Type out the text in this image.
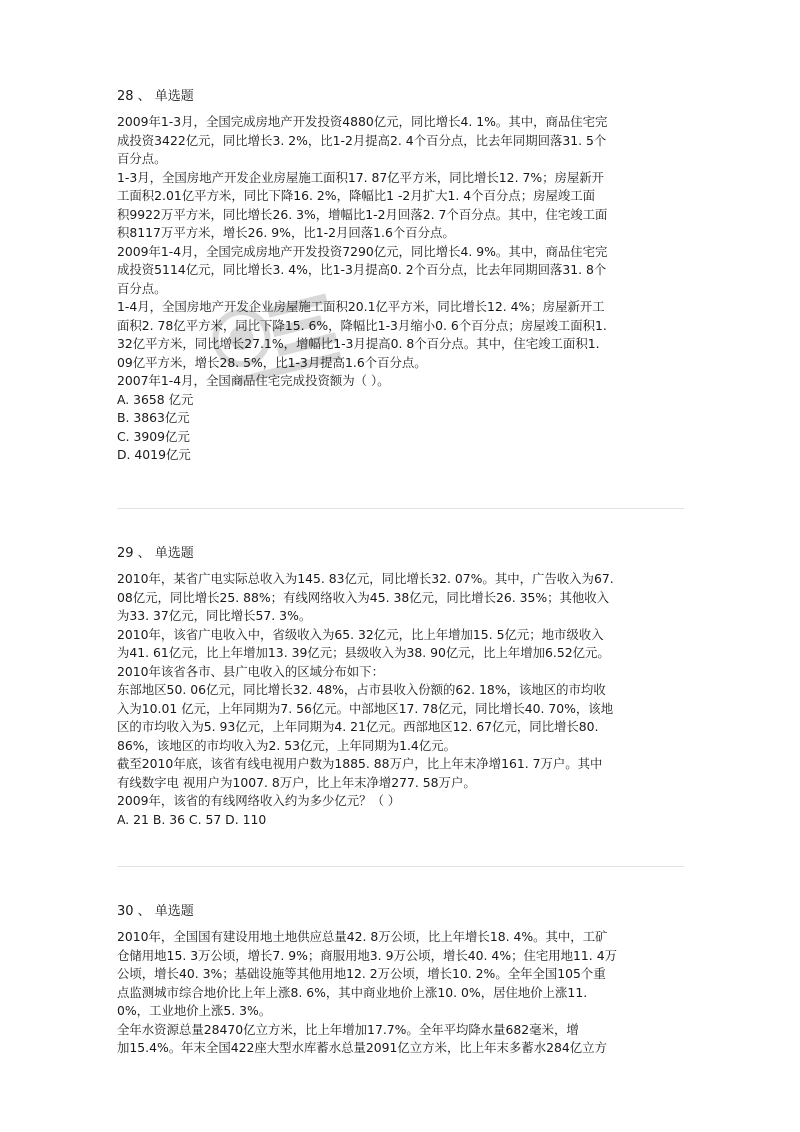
28 、 单选题
2009年1-3月，全国完成房地产开发投资4880亿元，同比增长4. 1%。其中，商品住宅完
成投资3422亿元，同比增长3. 2%，比1-2月提高2. 4个百分点，比去年同期回落31. 5个
百分点。
1-3月，全国房地产开发企业房屋施工面积17. 87亿平方米，同比增长12. 7%；房屋新开
工面积2.01亿平方米，同比下降16. 2%，降幅比1 -2月扩大1. 4个百分点；房屋竣工面
积9922万平方米，同比增长26. 3%，增幅比1-2月回落2. 7个百分点。其中，住宅竣工面
积8117万平方米，增长26. 9%，比1-2月回落1.6个百分点。
2009年1-4月，全国完成房地产开发投资7290亿元，同比增长4. 9%。其中，商品住宅完
成投资5114亿元，同比增长3. 4%，比1-3月提高0. 2个百分点，比去年同期回落31. 8个
百分点。
1-4月，全国房地产开发企业房屋施工面积20.1亿平方米，同比增长12. 4%；房屋新开工
面积2. 78亿平方米，同比下降15. 6%，降幅比1-3月缩小0. 6个百分点；房屋竣工面积1.
32亿平方米，同比增长27.1%，增幅比1-3月提高0. 8个百分点。其中，住宅竣工面积1.
09亿平方米，增长28. 5%，比1-3月提高1.6个百分点。
2007年1-4月，全国商品住宅完成投资额为（ ）。
A. 3658 亿元
B. 3863亿元
C. 3909亿元
D. 4019亿元
29 、 单选题
2010年，某省广电实际总收入为145. 83亿元，同比增长32. 07%。其中，广告收入为67.
08亿元，同比增长25. 88%；有线网络收入为45. 38亿元，同比增长26. 35%；其他收入
为33. 37亿元，同比增长57. 3%。
2010年，该省广电收入中，省级收入为65. 32亿元，比上年增加15. 5亿元；地市级收入
为41. 61亿元，比上年增加13. 39亿元；县级收入为38. 90亿元，比上年增加6.52亿元。
2010年该省各市、县广电收入的区域分布如下：
东部地区50. 06亿元，同比增长32. 48%，占市县收入份额的62. 18%，该地区的市均收
入为10.01 亿元，上年同期为7. 56亿元。中部地区17. 78亿元，同比增长40. 70%，该地
区的市均收入为5. 93亿元，上年同期为4. 21亿元。西部地区12. 67亿元，同比增长80.
86%，该地区的市均收入为2. 53亿元，上年同期为1.4亿元。
截至2010年底，该省有线电视用户数为1885. 88万户，比上年末净增161. 7万户。其中
有线数字电 视用户为1007. 8万户，比上年末净增277. 58万户。
2009年，该省的有线网络收入约为多少亿元？（ ）
A. 21 B. 36 C. 57 D. 110
30 、 单选题
2010年，全国国有建设用地土地供应总量42. 8万公顷，比上年增长18. 4%。其中，工矿
仓储用地15. 3万公顷，增长7. 9%；商服用地3. 9万公顷，增长40. 4%；住宅用地11. 4万
公顷，增长40. 3%；基础设施等其他用地12. 2万公顷，增长10. 2%。全年全国105个重
点监测城市综合地价比上年上涨8. 6%，其中商业地价上涨10. 0%，居住地价上涨11.
0%，工业地价上涨5. 3%。
全年水资源总量28470亿立方米，比上年增加17.7%。全年平均降水量682毫米，增
加15.4%。年末全国422座大型水库蓄水总量2091亿立方米，比上年末多蓄水284亿立方
